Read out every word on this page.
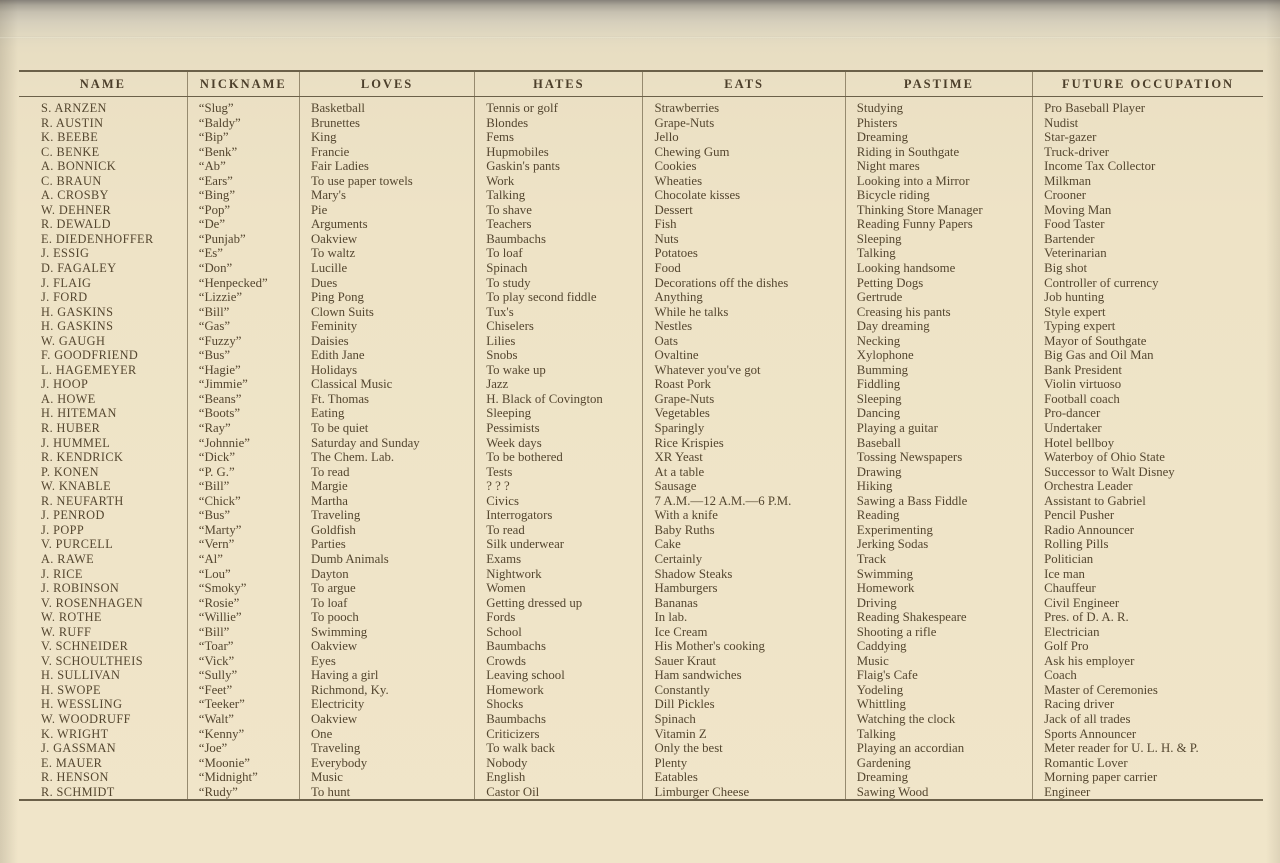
NAME	NICKNAME	LOVES	HATES	EATS	PASTIME	FUTURE OCCUPATION
S. ARNZEN	“Slug”	Basketball	Tennis or golf	Strawberries	Studying	Pro Baseball Player
R. AUSTIN	“Baldy”	Brunettes	Blondes	Grape-Nuts	Phisters	Nudist
K. BEEBE	“Bip”	King	Fems	Jello	Dreaming	Star-gazer
C. BENKE	“Benk”	Francie	Hupmobiles	Chewing Gum	Riding in Southgate	Truck-driver
A. BONNICK	“Ab”	Fair Ladies	Gaskin's pants	Cookies	Night mares	Income Tax Collector
C. BRAUN	“Ears”	To use paper towels	Work	Wheaties	Looking into a Mirror	Milkman
A. CROSBY	“Bing”	Mary's	Talking	Chocolate kisses	Bicycle riding	Crooner
W. DEHNER	“Pop”	Pie	To shave	Dessert	Thinking Store Manager	Moving Man
R. DEWALD	“De”	Arguments	Teachers	Fish	Reading Funny Papers	Food Taster
E. DIEDENHOFFER	“Punjab”	Oakview	Baumbachs	Nuts	Sleeping	Bartender
J. ESSIG	“Es”	To waltz	To loaf	Potatoes	Talking	Veterinarian
D. FAGALEY	“Don”	Lucille	Spinach	Food	Looking handsome	Big shot
J. FLAIG	“Henpecked”	Dues	To study	Decorations off the dishes	Petting Dogs	Controller of currency
J. FORD	“Lizzie”	Ping Pong	To play second fiddle	Anything	Gertrude	Job hunting
H. GASKINS	“Bill”	Clown Suits	Tux's	While he talks	Creasing his pants	Style expert
H. GASKINS	“Gas”	Feminity	Chiselers	Nestles	Day dreaming	Typing expert
W. GAUGH	“Fuzzy”	Daisies	Lilies	Oats	Necking	Mayor of Southgate
F. GOODFRIEND	“Bus”	Edith Jane	Snobs	Ovaltine	Xylophone	Big Gas and Oil Man
L. HAGEMEYER	“Hagie”	Holidays	To wake up	Whatever you've got	Bumming	Bank President
J. HOOP	“Jimmie”	Classical Music	Jazz	Roast Pork	Fiddling	Violin virtuoso
A. HOWE	“Beans”	Ft. Thomas	H. Black of Covington	Grape-Nuts	Sleeping	Football coach
H. HITEMAN	“Boots”	Eating	Sleeping	Vegetables	Dancing	Pro-dancer
R. HUBER	“Ray”	To be quiet	Pessimists	Sparingly	Playing a guitar	Undertaker
J. HUMMEL	“Johnnie”	Saturday and Sunday	Week days	Rice Krispies	Baseball	Hotel bellboy
R. KENDRICK	“Dick”	The Chem. Lab.	To be bothered	XR Yeast	Tossing Newspapers	Waterboy of Ohio State
P. KONEN	“P. G.”	To read	Tests	At a table	Drawing	Successor to Walt Disney
W. KNABLE	“Bill”	Margie	? ? ?	Sausage	Hiking	Orchestra Leader
R. NEUFARTH	“Chick”	Martha	Civics	7 A.M.—12 A.M.—6 P.M.	Sawing a Bass Fiddle	Assistant to Gabriel
J. PENROD	“Bus”	Traveling	Interrogators	With a knife	Reading	Pencil Pusher
J. POPP	“Marty”	Goldfish	To read	Baby Ruths	Experimenting	Radio Announcer
V. PURCELL	“Vern”	Parties	Silk underwear	Cake	Jerking Sodas	Rolling Pills
A. RAWE	“Al”	Dumb Animals	Exams	Certainly	Track	Politician
J. RICE	“Lou”	Dayton	Nightwork	Shadow Steaks	Swimming	Ice man
J. ROBINSON	“Smoky”	To argue	Women	Hamburgers	Homework	Chauffeur
V. ROSENHAGEN	“Rosie”	To loaf	Getting dressed up	Bananas	Driving	Civil Engineer
W. ROTHE	“Willie”	To pooch	Fords	In lab.	Reading Shakespeare	Pres. of D. A. R.
W. RUFF	“Bill”	Swimming	School	Ice Cream	Shooting a rifle	Electrician
V. SCHNEIDER	“Toar”	Oakview	Baumbachs	His Mother's cooking	Caddying	Golf Pro
V. SCHOULTHEIS	“Vick”	Eyes	Crowds	Sauer Kraut	Music	Ask his employer
H. SULLIVAN	“Sully”	Having a girl	Leaving school	Ham sandwiches	Flaig's Cafe	Coach
H. SWOPE	“Feet”	Richmond, Ky.	Homework	Constantly	Yodeling	Master of Ceremonies
H. WESSLING	“Teeker”	Electricity	Shocks	Dill Pickles	Whittling	Racing driver
W. WOODRUFF	“Walt”	Oakview	Baumbachs	Spinach	Watching the clock	Jack of all trades
K. WRIGHT	“Kenny”	One	Criticizers	Vitamin Z	Talking	Sports Announcer
J. GASSMAN	“Joe”	Traveling	To walk back	Only the best	Playing an accordian	Meter reader for U. L. H. & P.
E. MAUER	“Moonie”	Everybody	Nobody	Plenty	Gardening	Romantic Lover
R. HENSON	“Midnight”	Music	English	Eatables	Dreaming	Morning paper carrier
R. SCHMIDT	“Rudy”	To hunt	Castor Oil	Limburger Cheese	Sawing Wood	Engineer
